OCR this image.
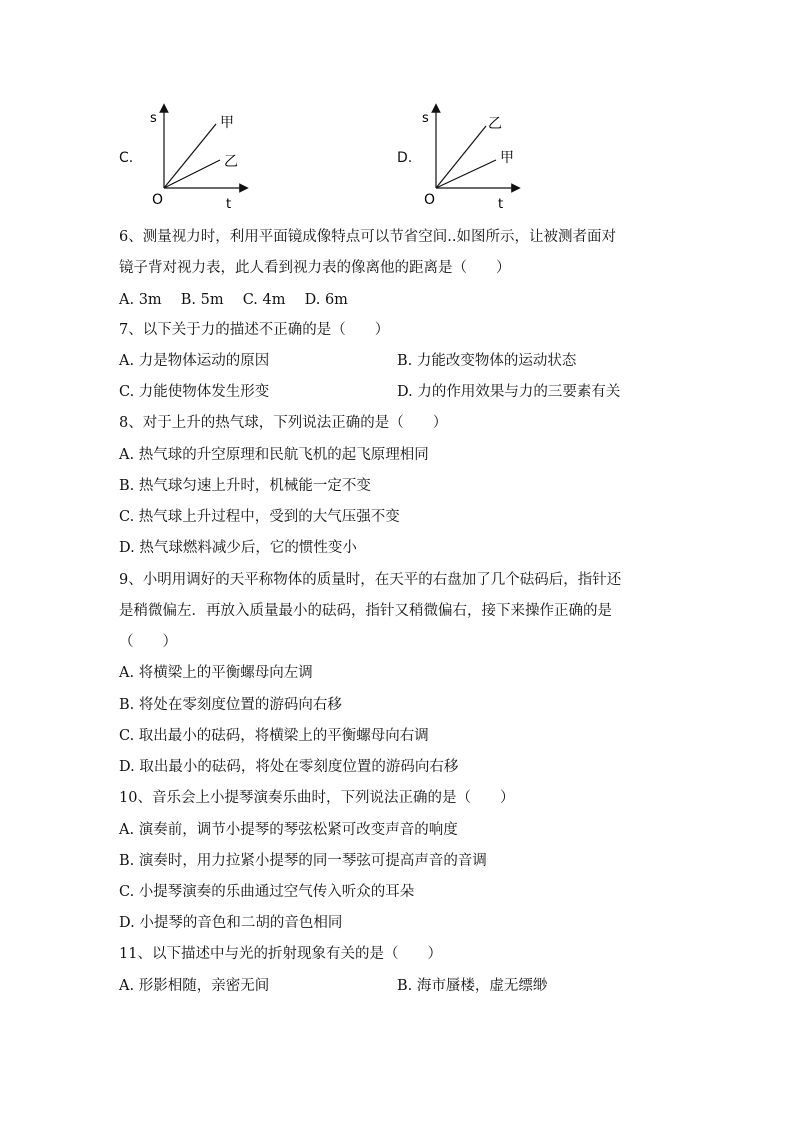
C.
s
t
O
甲
乙	D.
s
t
O
乙
甲
6、测量视力时，利用平面镜成像特点可以节省空间..如图所示，让被测者面对
镜子背对视力表，此人看到视力表的像离他的距离是（　　）
A. 3m　 B. 5m　 C. 4m　 D. 6m
7、以下关于力的描述不正确的是（　　）
A. 力是物体运动的原因	B. 力能改变物体的运动状态
C. 力能使物体发生形变	D. 力的作用效果与力的三要素有关
8、对于上升的热气球，下列说法正确的是（　　）
A. 热气球的升空原理和民航飞机的起飞原理相同
B. 热气球匀速上升时，机械能一定不变
C. 热气球上升过程中，受到的大气压强不变
D. 热气球燃料减少后，它的惯性变小
9、小明用调好的天平称物体的质量时，在天平的右盘加了几个砝码后，指针还
是稍微偏左．再放入质量最小的砝码，指针又稍微偏右，接下来操作正确的是
（　　）
A. 将横梁上的平衡螺母向左调
B. 将处在零刻度位置的游码向右移
C. 取出最小的砝码，将横梁上的平衡螺母向右调
D. 取出最小的砝码，将处在零刻度位置的游码向右移
10、音乐会上小提琴演奏乐曲时，下列说法正确的是（　　）
A. 演奏前，调节小提琴的琴弦松紧可改变声音的响度
B. 演奏时，用力拉紧小提琴的同一琴弦可提高声音的音调
C. 小提琴演奏的乐曲通过空气传入听众的耳朵
D. 小提琴的音色和二胡的音色相同
11、以下描述中与光的折射现象有关的是（　　）
A. 形影相随，亲密无间	B. 海市蜃楼，虚无缥缈
